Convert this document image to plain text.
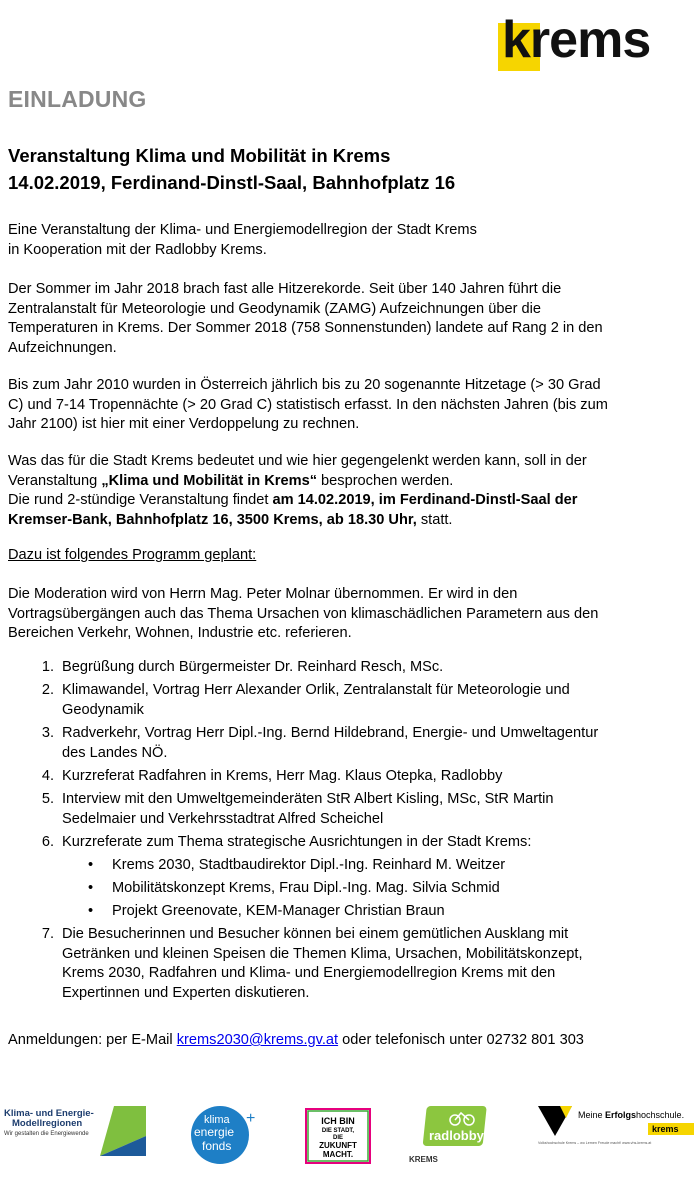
krems
EINLADUNG
Veranstaltung Klima und Mobilität in Krems
14.02.2019, Ferdinand-Dinstl-Saal, Bahnhofplatz 16

Eine Veranstaltung der Klima- und Energiemodellregion der Stadt Krems

in Kooperation mit der Radlobby Krems.

Der Sommer im Jahr 2018 brach fast alle Hitzerekorde. Seit über 140 Jahren führt die

Zentralanstalt für Meteorologie und Geodynamik (ZAMG) Aufzeichnungen über die

Temperaturen in Krems. Der Sommer 2018 (758 Sonnenstunden) landete auf Rang 2 in den

Aufzeichnungen.

Bis zum Jahr 2010 wurden in Österreich jährlich bis zu 20 sogenannte Hitzetage (> 30 Grad

C) und 7-14 Tropennächte (> 20 Grad C) statistisch erfasst. In den nächsten Jahren (bis zum

Jahr 2100) ist hier mit einer Verdoppelung zu rechnen.

Was das für die Stadt Krems bedeutet und wie hier gegengelenkt werden kann, soll in der

Veranstaltung „Klima und Mobilität in Krems“ besprochen werden.

Die rund 2-stündige Veranstaltung findet am 14.02.2019, im Ferdinand-Dinstl-Saal der

Kremser-Bank, Bahnhofplatz 16, 3500 Krems, ab 18.30 Uhr, statt.

Dazu ist folgendes Programm geplant:

Die Moderation wird von Herrn Mag. Peter Molnar übernommen. Er wird in den

Vortragsübergängen auch das Thema Ursachen von klimaschädlichen Parametern aus den

Bereichen Verkehr, Wohnen, Industrie etc. referieren.

1. Begrüßung durch Bürgermeister Dr. Reinhard Resch, MSc.
2. Klimawandel, Vortrag Herr Alexander Orlik, Zentralanstalt für Meteorologie und
Geodynamik
3. Radverkehr, Vortrag Herr Dipl.-Ing. Bernd Hildebrand, Energie- und Umweltagentur
des Landes NÖ.
4. Kurzreferat Radfahren in Krems, Herr Mag. Klaus Otepka, Radlobby
5. Interview mit den Umweltgemeinderäten StR Albert Kisling, MSc, StR Martin
Sedelmaier und Verkehrsstadtrat Alfred Scheichel
6. Kurzreferate zum Thema strategische Ausrichtungen in der Stadt Krems:
• Krems 2030, Stadtbaudirektor Dipl.-Ing. Reinhard M. Weitzer
• Mobilitätskonzept Krems, Frau Dipl.-Ing. Mag. Silvia Schmid
• Projekt Greenovate, KEM-Manager Christian Braun
7. Die Besucherinnen und Besucher können bei einem gemütlichen Ausklang mit
Getränken und kleinen Speisen die Themen Klima, Ursachen, Mobilitätskonzept,
Krems 2030, Radfahren und Klima- und Energiemodellregion Krems mit den
Expertinnen und Experten diskutieren.
Anmeldungen: per E-Mail krems2030@krems.gv.at oder telefonisch unter 02732 801 303
Klima- und Energie-
Modellregionen
Wir gestalten die Energiewende
klima
energie
fonds
+	ICH BIN
DIE STADT,
DIE
ZUKUNFT
MACHT.
radlobby
KREMS
Meine Erfolgshochschule.
krems
Volkshochschule Krems – wo Lernen Freude macht! www.vhs-krems.at
